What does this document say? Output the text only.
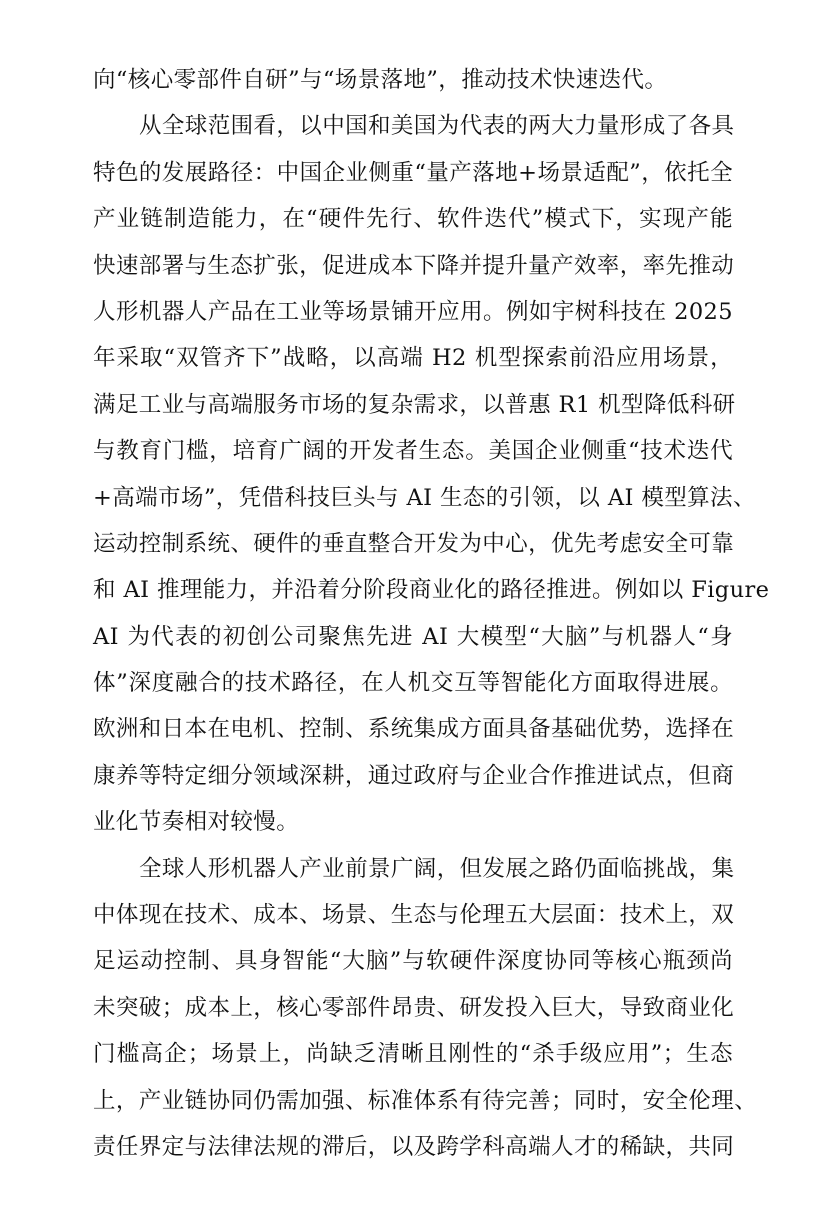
向“核心零部件自研”与“场景落地”，推动技术快速迭代。
从全球范围看，以中国和美国为代表的两大力量形成了各具
特色的发展路径：中国企业侧重“量产落地+场景适配”，依托全
产业链制造能力，在“硬件先行、软件迭代”模式下，实现产能
快速部署与生态扩张，促进成本下降并提升量产效率，率先推动
人形机器人产品在工业等场景铺开应用。例如宇树科技在 2025
年采取“双管齐下”战略，以高端 H2 机型探索前沿应用场景，
满足工业与高端服务市场的复杂需求，以普惠 R1 机型降低科研
与教育门槛，培育广阔的开发者生态。美国企业侧重“技术迭代
+高端市场”，凭借科技巨头与 AI 生态的引领，以 AI 模型算法、
运动控制系统、硬件的垂直整合开发为中心，优先考虑安全可靠
和 AI 推理能力，并沿着分阶段商业化的路径推进。例如以 Figure
AI 为代表的初创公司聚焦先进 AI 大模型“大脑”与机器人“身
体”深度融合的技术路径，在人机交互等智能化方面取得进展。
欧洲和日本在电机、控制、系统集成方面具备基础优势，选择在
康养等特定细分领域深耕，通过政府与企业合作推进试点，但商
业化节奏相对较慢。
全球人形机器人产业前景广阔，但发展之路仍面临挑战，集
中体现在技术、成本、场景、生态与伦理五大层面：技术上，双
足运动控制、具身智能“大脑”与软硬件深度协同等核心瓶颈尚
未突破；成本上，核心零部件昂贵、研发投入巨大，导致商业化
门槛高企；场景上，尚缺乏清晰且刚性的“杀手级应用”；生态
上，产业链协同仍需加强、标准体系有待完善；同时，安全伦理、
责任界定与法律法规的滞后，以及跨学科高端人才的稀缺，共同
